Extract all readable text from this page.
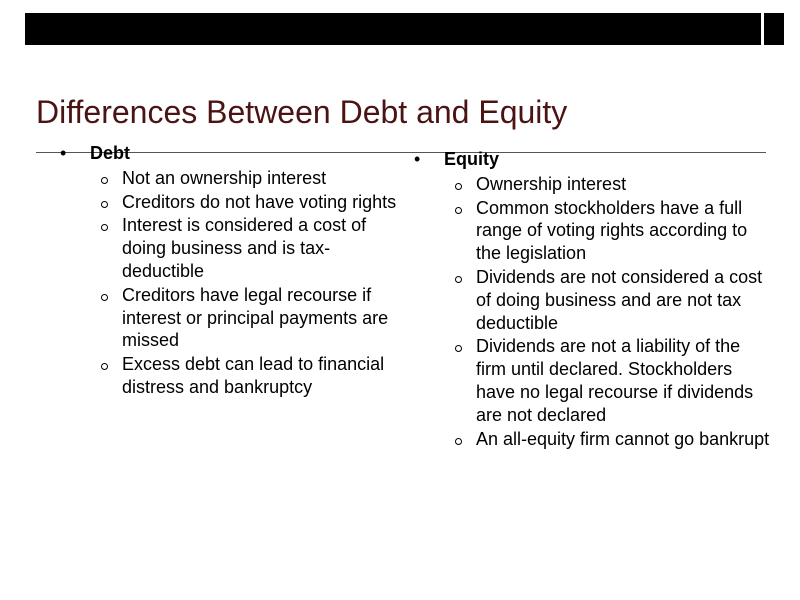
Differences Between Debt and Equity
• Debt
Not an ownership interest
Creditors do not have voting rights
Interest is considered a cost of doing business and is tax-deductible
Creditors have legal recourse if interest or principal payments are missed
Excess debt can lead to financial distress and bankruptcy
• Equity
Ownership interest
Common stockholders have a full range of voting rights according to the legislation
Dividends are not considered a cost of doing business and are not tax deductible
Dividends are not a liability of the firm until declared. Stockholders have no legal recourse if dividends are not declared
An all-equity firm cannot go bankrupt
